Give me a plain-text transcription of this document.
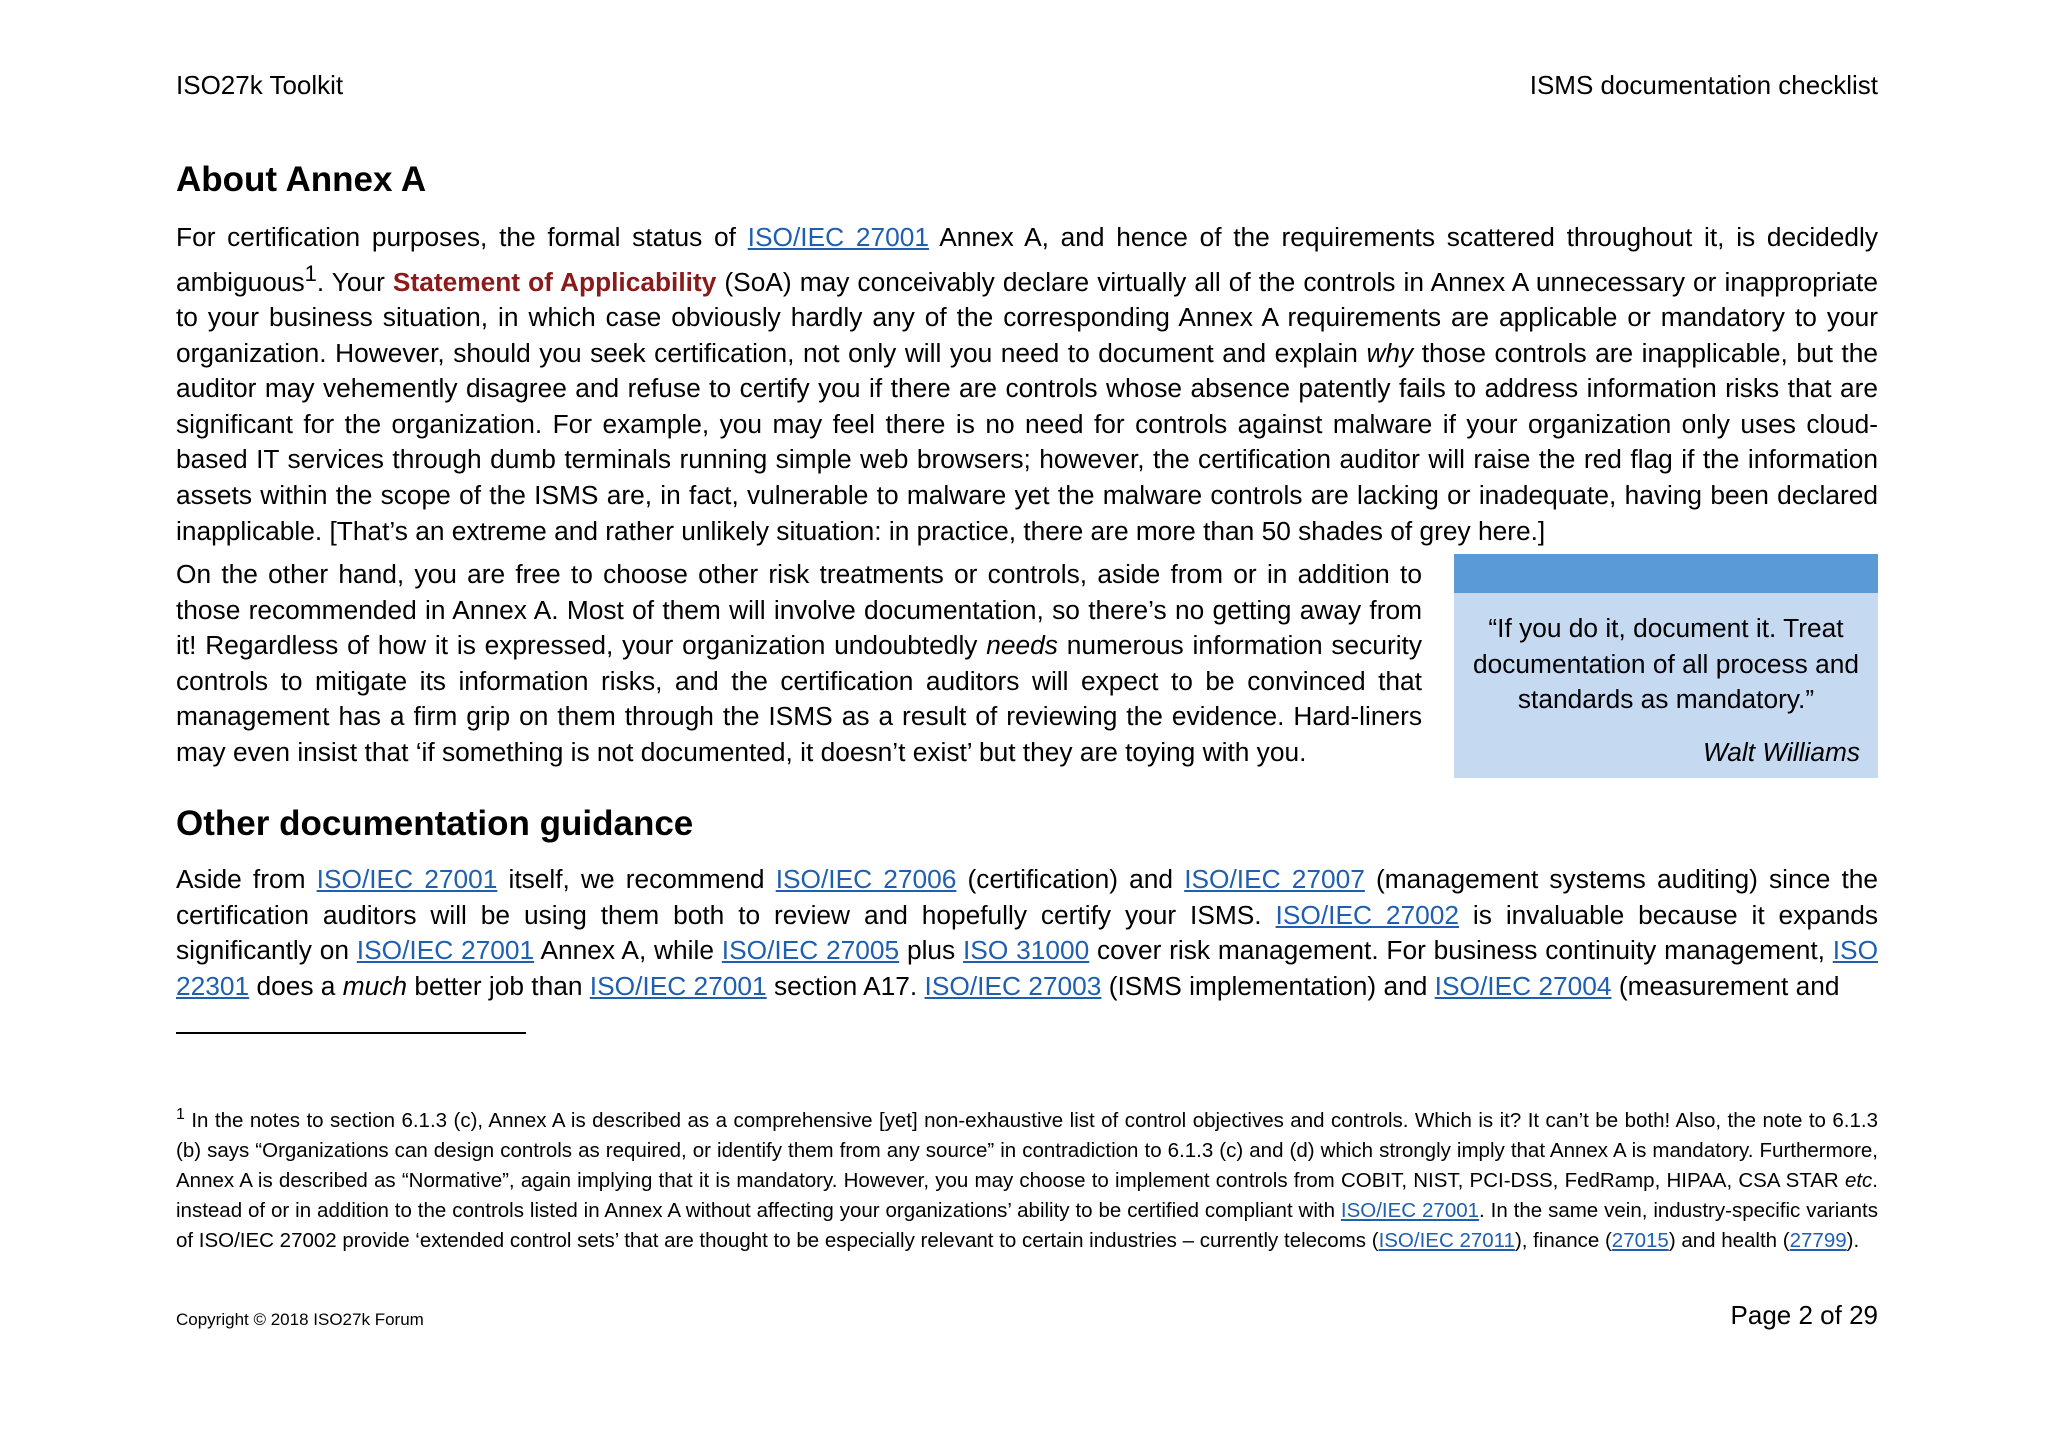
ISO27k Toolkit	ISMS documentation checklist
About Annex A

For certification purposes, the formal status of ISO/IEC 27001 Annex A, and hence of the requirements scattered throughout it, is decidedly ambiguous$^1$. Your Statement of Applicability (SoA) may conceivably declare virtually all of the controls in Annex A unnecessary or inappropriate to your business situation, in which case obviously hardly any of the corresponding Annex A requirements are applicable or mandatory to your organization. However, should you seek certification, not only will you need to document and explain why those controls are inapplicable, but the auditor may vehemently disagree and refuse to certify you if there are controls whose absence patently fails to address information risks that are significant for the organization. For example, you may feel there is no need for controls against malware if your organization only uses cloud-based IT services through dumb terminals running simple web browsers; however, the certification auditor will raise the red flag if the information assets within the scope of the ISMS are, in fact, vulnerable to malware yet the malware controls are lacking or inadequate, having been declared inapplicable. [That’s an extreme and rather unlikely situation: in practice, there are more than 50 shades of grey here.]

On the other hand, you are free to choose other risk treatments or controls, aside from or in addition to those recommended in Annex A. Most of them will involve documentation, so there’s no getting away from it! Regardless of how it is expressed, your organization undoubtedly needs numerous information security controls to mitigate its information risks, and the certification auditors will expect to be convinced that management has a firm grip on them through the ISMS as a result of reviewing the evidence. Hard-liners may even insist that ‘if something is not documented, it doesn’t exist’ but they are toying with you.

“If you do it, document it. Treat documentation of all process and standards as mandatory.”
Walt Williams
Other documentation guidance

Aside from ISO/IEC 27001 itself, we recommend ISO/IEC 27006 (certification) and ISO/IEC 27007 (management systems auditing) since the certification auditors will be using them both to review and hopefully certify your ISMS. ISO/IEC 27002 is invaluable because it expands significantly on ISO/IEC 27001 Annex A, while ISO/IEC 27005 plus ISO 31000 cover risk management. For business continuity management, ISO 22301 does a much better job than ISO/IEC 27001 section A17. ISO/IEC 27003 (ISMS implementation) and ISO/IEC 27004 (measurement and

$^1$ In the notes to section 6.1.3 (c), Annex A is described as a comprehensive [yet] non-exhaustive list of control objectives and controls. Which is it? It can’t be both! Also, the note to 6.1.3 (b) says “Organizations can design controls as required, or identify them from any source” in contradiction to 6.1.3 (c) and (d) which strongly imply that Annex A is mandatory. Furthermore, Annex A is described as “Normative”, again implying that it is mandatory. However, you may choose to implement controls from COBIT, NIST, PCI-DSS, FedRamp, HIPAA, CSA STAR etc. instead of or in addition to the controls listed in Annex A without affecting your organizations’ ability to be certified compliant with ISO/IEC 27001. In the same vein, industry-specific variants of ISO/IEC 27002 provide ‘extended control sets’ that are thought to be especially relevant to certain industries – currently telecoms (ISO/IEC 27011), finance (27015) and health (27799).

Copyright © 2018 ISO27k Forum	Page 2 of 29
